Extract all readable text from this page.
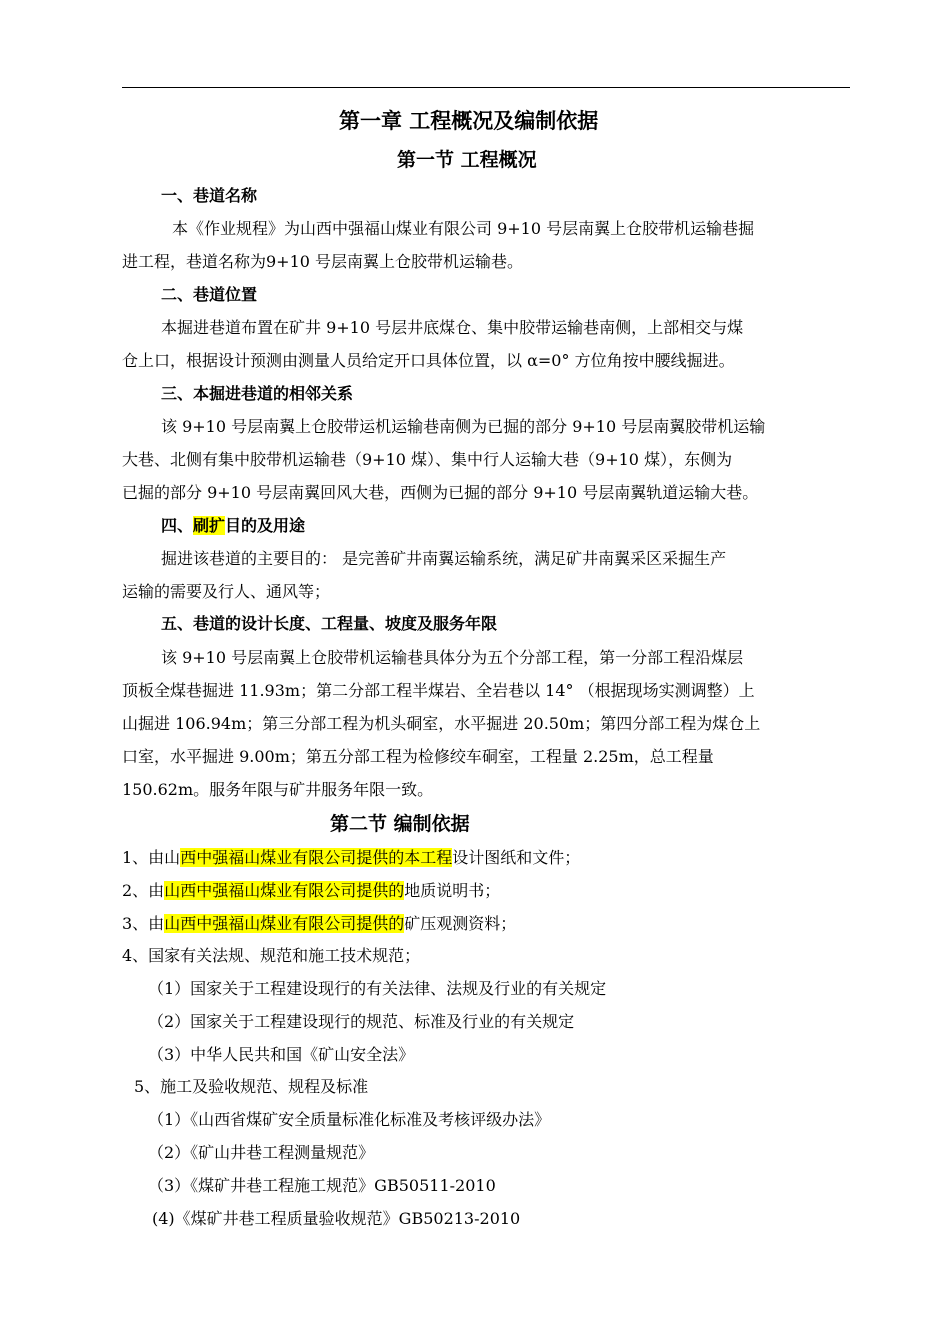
第一章 工程概况及编制依据
第一节 工程概况
一、巷道名称
本《作业规程》为山西中强福山煤业有限公司 9+10 号层南翼上仓胶带机运输巷掘
进工程，巷道名称为9+10 号层南翼上仓胶带机运输巷。
二、巷道位置
本掘进巷道布置在矿井 9+10 号层井底煤仓、集中胶带运输巷南侧，上部相交与煤
仓上口，根据设计预测由测量人员给定开口具体位置，以 α=0° 方位角按中腰线掘进。
三、本掘进巷道的相邻关系
该 9+10 号层南翼上仓胶带运机运输巷南侧为已掘的部分 9+10 号层南翼胶带机运输
大巷、北侧有集中胶带机运输巷（9+10 煤）、集中行人运输大巷（9+10 煤），东侧为
已掘的部分 9+10 号层南翼回风大巷，西侧为已掘的部分 9+10 号层南翼轨道运输大巷。
四、刷扩目的及用途
掘进该巷道的主要目的： 是完善矿井南翼运输系统，满足矿井南翼采区采掘生产
运输的需要及行人、通风等；
五、巷道的设计长度、工程量、坡度及服务年限
该 9+10 号层南翼上仓胶带机运输巷具体分为五个分部工程，第一分部工程沿煤层
顶板全煤巷掘进 11.93m；第二分部工程半煤岩、全岩巷以 14° （根据现场实测调整）上
山掘进 106.94m；第三分部工程为机头硐室，水平掘进 20.50m；第四分部工程为煤仓上
口室，水平掘进 9.00m；第五分部工程为检修绞车硐室，工程量 2.25m，总工程量
150.62m。服务年限与矿井服务年限一致。
第二节 编制依据
1、由山西中强福山煤业有限公司提供的本工程设计图纸和文件；
2、由山西中强福山煤业有限公司提供的地质说明书；
3、由山西中强福山煤业有限公司提供的矿压观测资料；
4、国家有关法规、规范和施工技术规范；
（1）国家关于工程建设现行的有关法律、法规及行业的有关规定
（2）国家关于工程建设现行的规范、标准及行业的有关规定
（3）中华人民共和国《矿山安全法》
5、施工及验收规范、规程及标准
（1）《山西省煤矿安全质量标准化标准及考核评级办法》
（2）《矿山井巷工程测量规范》
（3）《煤矿井巷工程施工规范》GB50511-2010
(4)《煤矿井巷工程质量验收规范》GB50213-2010
